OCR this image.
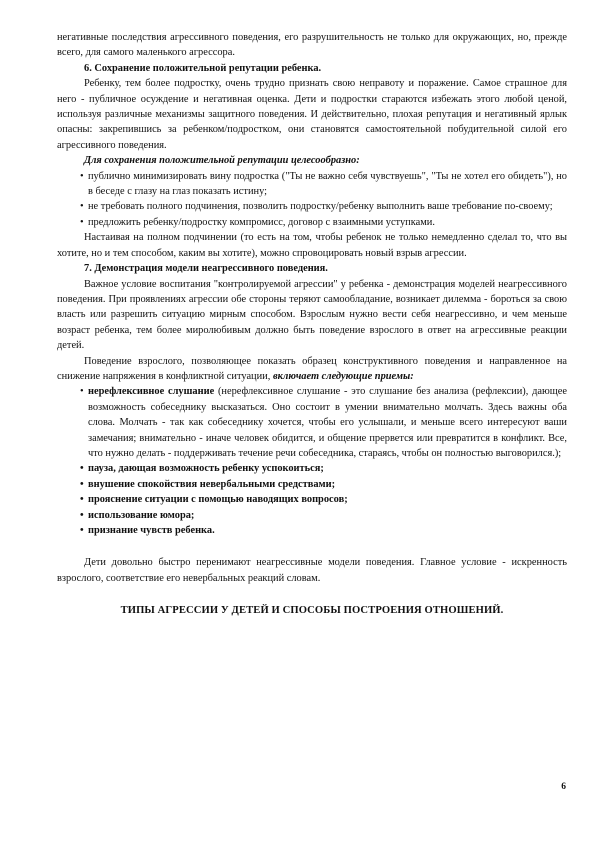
негативные последствия агрессивного поведения, его разрушительность не только для окружающих, но, прежде всего, для самого маленького агрессора.

6. Сохранение положительной репутации ребенка.

Ребенку, тем более подростку, очень трудно признать свою неправоту и поражение. Самое страшное для него - публичное осуждение и негативная оценка. Дети и подростки стараются избежать этого любой ценой, используя различные механизмы защитного поведения. И действительно, плохая репутация и негативный ярлык опасны: закрепившись за ребенком/подростком, они становятся самостоятельной побудительной силой его агрессивного поведения.

Для сохранения положительной репутации целесообразно:

• публично минимизировать вину подростка ("Ты не важно себя чувствуешь", "Ты не хотел его обидеть"), но в беседе с глазу на глаз показать истину;
• не требовать полного подчинения, позволить подростку/ребенку выполнить ваше требование по-своему;
• предложить ребенку/подростку компромисс, договор с взаимными уступками.

Настаивая на полном подчинении (то есть на том, чтобы ребенок не только немедленно сделал то, что вы хотите, но и тем способом, каким вы хотите), можно спровоцировать новый взрыв агрессии.

7. Демонстрация модели неагрессивного поведения.

Важное условие воспитания "контролируемой агрессии" у ребенка - демонстрация моделей неагрессивного поведения. При проявлениях агрессии обе стороны теряют самообладание, возникает дилемма - бороться за свою власть или разрешить ситуацию мирным способом. Взрослым нужно вести себя неагрессивно, и чем меньше возраст ребенка, тем более миролюбивым должно быть поведение взрослого в ответ на агрессивные реакции детей.

Поведение взрослого, позволяющее показать образец конструктивного поведения и направленное на снижение напряжения в конфликтной ситуации, включает следующие приемы:

• нерефлексивное слушание (нерефлексивное слушание - это слушание без анализа (рефлексии), дающее возможность собеседнику высказаться. Оно состоит в умении внимательно молчать. Здесь важны оба слова. Молчать - так как собеседнику хочется, чтобы его услышали, и меньше всего интересуют ваши замечания; внимательно - иначе человек обидится, и общение прервется или превратится в конфликт. Все, что нужно делать - поддерживать течение речи собеседника, стараясь, чтобы он полностью выговорился.);
• пауза, дающая возможность ребенку успокоиться;
• внушение спокойствия невербальными средствами;
• прояснение ситуации с помощью наводящих вопросов;
• использование юмора;
• признание чувств ребенка.

Дети довольно быстро перенимают неагрессивные модели поведения. Главное условие - искренность взрослого, соответствие его невербальных реакций словам.

ТИПЫ АГРЕССИИ У ДЕТЕЙ И СПОСОБЫ ПОСТРОЕНИЯ ОТНОШЕНИЙ.

6
